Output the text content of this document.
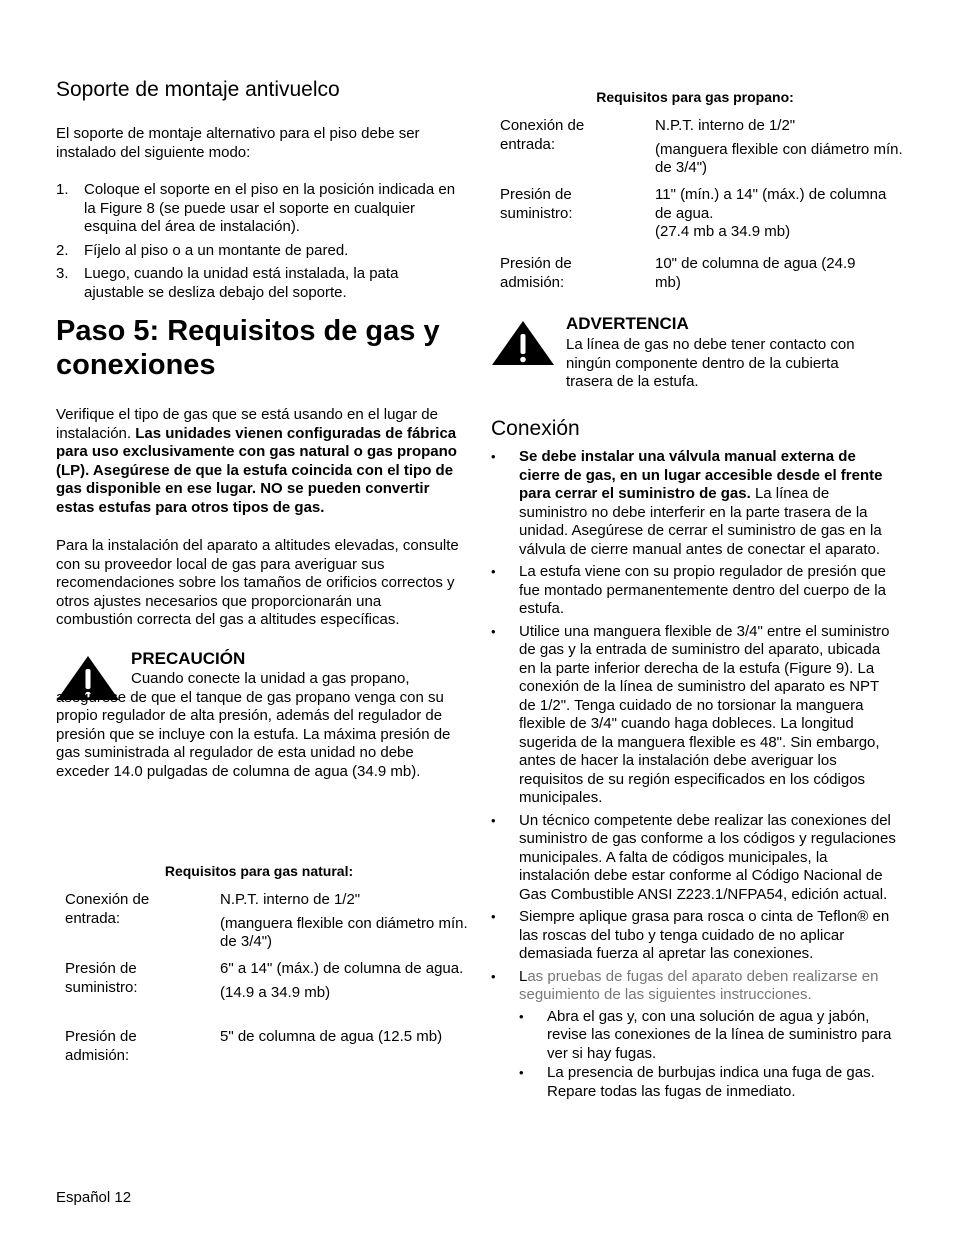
Soporte de montaje antivuelco

El soporte de montaje alternativo para el piso debe ser instalado del siguiente modo:

1. Coloque el soporte en el piso en la posición indicada en la Figure 8 (se puede usar el soporte en cualquier esquina del área de instalación).
2. Fíjelo al piso o a un montante de pared.
3. Luego, cuando la unidad está instalada, la pata ajustable se desliza debajo del soporte.
Paso 5: Requisitos de gas y conexiones

Verifique el tipo de gas que se está usando en el lugar de instalación. Las unidades vienen configuradas de fábrica para uso exclusivamente con gas natural o gas propano (LP). Asegúrese de que la estufa coincida con el tipo de gas disponible en ese lugar. NO se pueden convertir estas estufas para otros tipos de gas.

Para la instalación del aparato a altitudes elevadas, consulte con su proveedor local de gas para averiguar sus recomendaciones sobre los tamaños de orificios correctos y otros ajustes necesarios que proporcionarán una combustión correcta del gas a altitudes específicas.

PRECAUCIÓN
Cuando conecte la unidad a gas propano, asegúrese de que el tanque de gas propano venga con su propio regulador de alta presión, además del regulador de presión que se incluye con la estufa. La máxima presión de gas suministrada al regulador de esta unidad no debe exceder 14.0 pulgadas de columna de agua (34.9 mb).
Requisitos para gas natural:
Conexión de entrada:
N.P.T. interno de 1/2"
(manguera flexible con diámetro mín. de 3/4")
Presión de suministro:
6" a 14" (máx.) de columna de agua.
(14.9 a 34.9 mb)
Presión de admisión:
5" de columna de agua (12.5 mb)
Requisitos para gas propano:
Conexión de entrada:
N.P.T. interno de 1/2"
(manguera flexible con diámetro mín. de 3/4")
Presión de suministro:
11" (mín.) a 14" (máx.) de columna de agua.
(27.4 mb a 34.9 mb)
Presión de admisión:
10" de columna de agua (24.9 mb)
ADVERTENCIA
La línea de gas no debe tener contacto con ningún componente dentro de la cubierta trasera de la estufa.
Conexión
• Se debe instalar una válvula manual externa de cierre de gas, en un lugar accesible desde el frente para cerrar el suministro de gas. La línea de suministro no debe interferir en la parte trasera de la unidad. Asegúrese de cerrar el suministro de gas en la válvula de cierre manual antes de conectar el aparato.
• La estufa viene con su propio regulador de presión que fue montado permanentemente dentro del cuerpo de la estufa.
• Utilice una manguera flexible de 3/4" entre el suministro de gas y la entrada de suministro del aparato, ubicada en la parte inferior derecha de la estufa (Figure 9). La conexión de la línea de suministro del aparato es NPT de 1/2". Tenga cuidado de no torsionar la manguera flexible de 3/4" cuando haga dobleces. La longitud sugerida de la manguera flexible es 48". Sin embargo, antes de hacer la instalación debe averiguar los requisitos de su región especificados en los códigos municipales.
• Un técnico competente debe realizar las conexiones del suministro de gas conforme a los códigos y regulaciones municipales. A falta de códigos municipales, la
instalación debe estar conforme al Código Nacional de Gas Combustible ANSI Z223.1/NFPA54, edición actual.
• Siempre aplique grasa para rosca o cinta de Teflon® en las roscas del tubo y tenga cuidado de no aplicar demasiada fuerza al apretar las conexiones.
• Las pruebas de fugas del aparato deben realizarse en seguimiento de las siguientes instrucciones.
• Abra el gas y, con una solución de agua y jabón, revise las conexiones de la línea de suministro para ver si hay fugas.
• La presencia de burbujas indica una fuga de gas. Repare todas las fugas de inmediato.
Español 12
